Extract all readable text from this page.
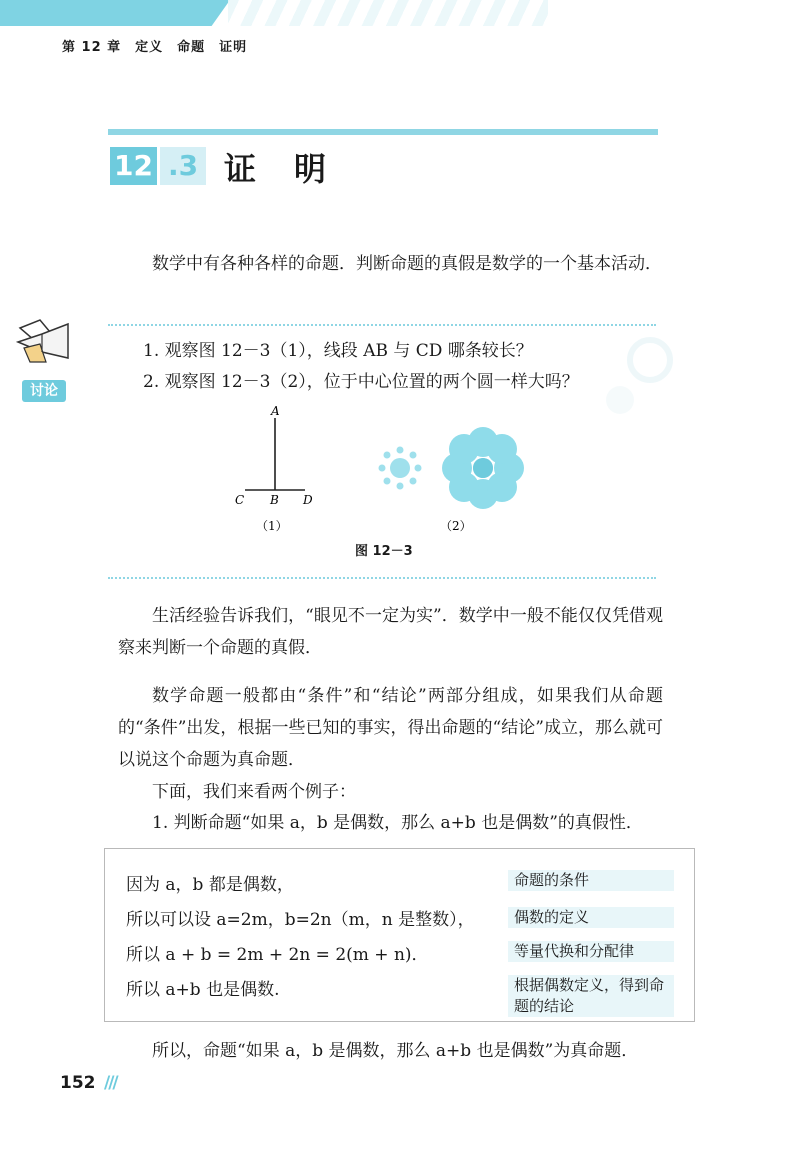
第 12 章　定义　命题　证明
12 .3 证明

数学中有各种各样的命题．判断命题的真假是数学的一个基本活动．

讨论
1. 观察图 12－3（1），线段 AB 与 CD 哪条较长？
2. 观察图 12－3（2），位于中心位置的两个圆一样大吗？
A
C B D
（1）	（2）
图 12－3

生活经验告诉我们，“眼见不一定为实”．数学中一般不能仅仅凭借观察来判断一个命题的真假．

数学命题一般都由“条件”和“结论”两部分组成，如果我们从命题的“条件”出发，根据一些已知的事实，得出命题的“结论”成立，那么就可以说这个命题为真命题．

下面，我们来看两个例子：

1. 判断命题“如果 a，b 是偶数，那么 a+b 也是偶数”的真假性．

因为 a，b 都是偶数，
所以可以设 a=2m，b=2n（m，n 是整数），
所以 a + b = 2m + 2n = 2(m + n)．
所以 a+b 也是偶数.
命题的条件
偶数的定义
等量代换和分配律
根据偶数定义，得到命题的结论

所以，命题“如果 a，b 是偶数，那么 a+b 也是偶数”为真命题．

152 ///
